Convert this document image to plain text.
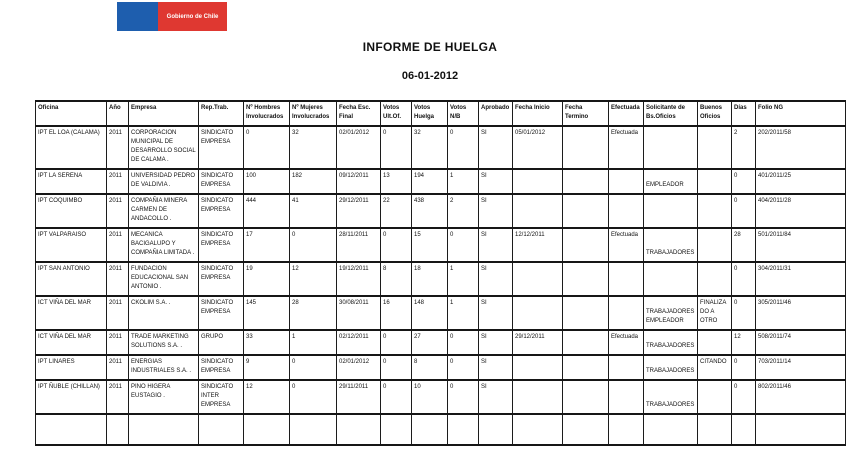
Gobierno de Chile
INFORME DE HUELGA
06-01-2012
Oficina	Año	Empresa	Rep.Trab.	Nº Hombres Involucrados	Nº Mujeres Involucrados	Fecha Esc. Final	Votos Ult.Of.	Votos Huelga	Votos N/B	Aprobado	Fecha Inicio	Fecha Termino	Efectuada	Solicitante de Bs.Oficios	Buenos Oficios	Días	Folio NG
IPT EL LOA (CALAMA)	2011	CORPORACION MUNICIPAL DE DESARROLLO SOCIAL DE CALAMA .	SINDICATO EMPRESA	0	32	02/01/2012	0	32	0	SI	05/01/2012		Efectuada			2	202/2011/58
IPT LA SERENA	2011	UNIVERSIDAD PEDRO DE VALDIVIA .	SINDICATO EMPRESA	100	182	09/12/2011	13	194	1	SI				EMPLEADOR		0	401/2011/25
IPT COQUIMBO	2011	COMPAÑIA MINERA CARMEN DE ANDACOLLO .	SINDICATO EMPRESA	444	41	29/12/2011	22	438	2	SI						0	404/2011/28
IPT VALPARAISO	2011	MECANICA BACIGALUPO Y COMPAÑIA LIMITADA .	SINDICATO EMPRESA	17	0	28/11/2011	0	15	0	SI	12/12/2011		Efectuada	TRABAJADORES		28	501/2011/84
IPT SAN ANTONIO	2011	FUNDACION EDUCACIONAL SAN ANTONIO .	SINDICATO EMPRESA	19	12	19/12/2011	8	18	1	SI						0	304/2011/31
ICT VIÑA DEL MAR	2011	CKOLIM S.A. .	SINDICATO EMPRESA	145	28	30/08/2011	16	148	1	SI				TRABAJADORES EMPLEADOR	FINALIZADO A OTRO	0	305/2011/46
ICT VIÑA DEL MAR	2011	TRADE MARKETING SOLUTIONS S.A. .	GRUPO	33	1	02/12/2011	0	27	0	SI	29/12/2011		Efectuada	TRABAJADORES		12	508/2011/74
IPT LINARES	2011	ENERGIAS INDUSTRIALES S.A. .	SINDICATO EMPRESA	9	0	02/01/2012	0	8	0	SI				TRABAJADORES	CITANDO	0	703/2011/14
IPT ÑUBLE (CHILLAN)	2011	PINO HIGERA EUSTAGIO .	SINDICATO INTER EMPRESA	12	0	29/11/2011	0	10	0	SI				TRABAJADORES		0	802/2011/46
